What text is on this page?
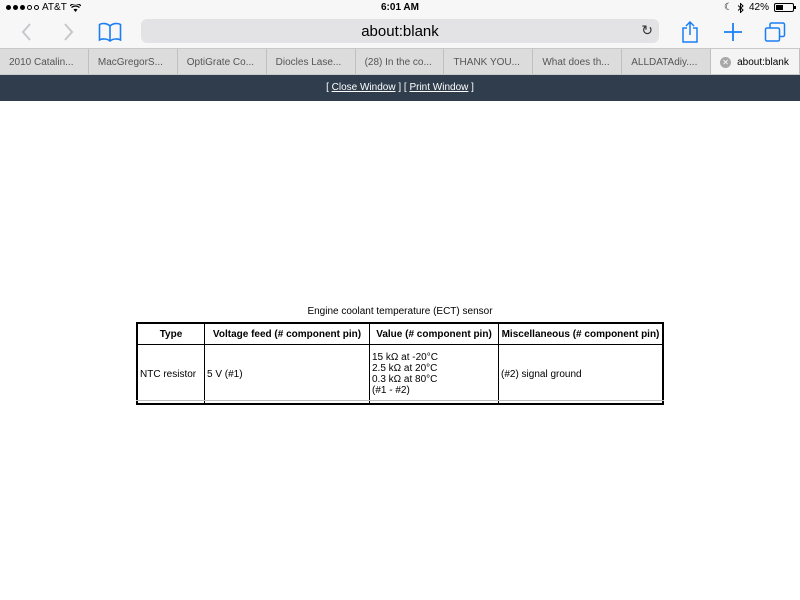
AT&T	6:01 AM	☾ 42%
about:blank	↻
2010 Catalin...	MacGregorS...	OptiGrate Co...	Diocles Lase...	(28) In the co...	THANK YOU...	What does th...	ALLDATAdiy....	✕ about:blank
[ Close Window ] [ Print Window ]
Engine coolant temperature (ECT) sensor
Type	Voltage feed (# component pin)	Value (# component pin)	Miscellaneous (# component pin)
NTC resistor	5 V (#1)	15 kΩ at -20°C
2.5 kΩ at 20°C
0.3 kΩ at 80°C
(#1 - #2)	(#2) signal ground
